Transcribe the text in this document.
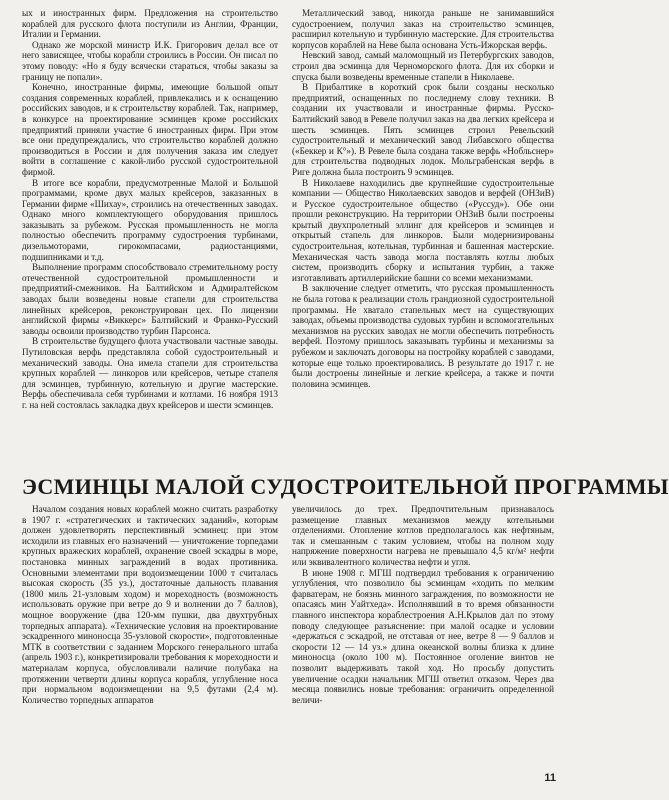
ых и иностранных фирм. Предложения на строительство кораблей для русского флота поступили из Англии, Франции, Италии и Германии.

Однако же морской министр И.К. Григорович делал все от него зависящее, чтобы корабли строились в России. Он писал по этому поводу: «Но я буду всячески стараться, чтобы заказы за границу не попали».

Конечно, иностранные фирмы, имеющие большой опыт создания современных кораблей, привлекались и к оснащению российских заводов, и к строительству кораблей. Так, например, в конкурсе на проектирование эсминцев кроме российских предприятий приняли участие 6 иностранных фирм. При этом все они предупреждались, что строительство кораблей должно производиться в России и для получения заказа им следует войти в соглашение с какой-либо русской судостроительной фирмой.

В итоге все корабли, предусмотренные Малой и Большой программами, кроме двух малых крейсеров, заказанных в Германии фирме «Шихау», строились на отечественных заводах. Однако много комплектующего оборудования пришлось заказывать за рубежом. Русская промышленность не могла полностью обеспечить программу судостроения турбинами, дизельмоторами, гирокомпасами, радиостанциями, подшипниками и т.д.

Выполнение программ способствовало стремительному росту отечественной судостроительной промышленности и предприятий-смежников. На Балтийском и Адмиралтейском заводах были возведены новые стапели для строительства линейных крейсеров, реконструирован цех. По лицензии английской фирмы «Виккерс» Балтийский и Франко-Русский заводы освоили производство турбин Парсонса.

В строительстве будущего флота участвовали частные заводы. Путиловская верфь представляла собой судостроительный и механический заводы. Она имела стапели для строительства крупных кораблей — линкоров или крейсеров, четыре стапеля для эсминцев, турбинную, котельную и другие мастерские. Верфь обеспечивала себя турбинами и котлами. 16 ноября 1913 г. на ней состоялась закладка двух крейсеров и шести эсминцев.

Металлический завод, никогда раньше не занимавшийся судостроением, получил заказ на строительство эсминцев, расширил котельную и турбинную мастерские. Для строительства корпусов кораблей на Неве была основана Усть-Ижорская верфь.

Невский завод, самый маломощный из Петербургских заводов, строил два эсминца для Черноморского флота. Для их сборки и спуска были возведены временные стапели в Николаеве.

В Прибалтике в короткий срок были созданы несколько предприятий, оснащенных по последнему слову техники. В создании их участвовали и иностранные фирмы. Русско-Балтийский завод в Ревеле получил заказ на два легких крейсера и шесть эсминцев. Пять эсминцев строил Ревельский судостроительный и механический завод Либавского общества («Беккер и К°»). В Ревеле была создана также верфь «Нобльснер» для строительства подводных лодок. Мольграбенская верфь в Риге должна была построить 9 эсминцев.

В Николаеве находились две крупнейшие судостроительные компании — Общество Николаевских заводов и верфей (ОНЗиВ) и Русское судостроительное общество («Руссуд»). Обе они прошли реконструкцию. На территории ОНЗиВ были построены крытый двухпролетный эллинг для крейсеров и эсминцев и открытый стапель для линкоров. Были модернизированы судостроительная, котельная, турбинная и башенная мастерские. Механическая часть завода могла поставлять котлы любых систем, производить сборку и испытания турбин, а также изготавливать артиллерийские башни со всеми механизмами.

В заключение следует отметить, что русская промышленность не была готова к реализации столь грандиозной судостроительной программы. Не хватало стапельных мест на существующих заводах, объемы производства судовых турбин и вспомогательных механизмов на русских заводах не могли обеспечить потребность верфей. Поэтому пришлось заказывать турбины и механизмы за рубежом и заключать договоры на постройку кораблей с заводами, которые еще только проектировались. В результате до 1917 г. не были достроены линейные и легкие крейсера, а также и почти половина эсминцев.

ЭСМИНЦЫ МАЛОЙ СУДОСТРОИТЕЛЬНОЙ ПРОГРАММЫ

Началом создания новых кораблей можно считать разработку в 1907 г. «стратегических и тактических заданий», которым должен удовлетворять перспективный эсминец: при этом исходили из главных его назначений — уничтожение торпедами крупных вражеских кораблей, охранение своей эскадры в море, постановка минных заграждений в водах противника. Основными элементами при водоизмещении 1000 т считалась высокая скорость (35 уз.), достаточные дальность плавания (1800 миль 21-узловым ходом) и мореходность (возможность использовать оружие при ветре до 9 и волнении до 7 баллов), мощное вооружение (два 120-мм пушки, два двухтрубных торпедных аппарата). «Технические условия на проектирование эскадренного миноносца 35-узловой скорости», подготовленные МТК в соответствии с заданием Морского генерального штаба (апрель 1903 г.), конкретизировали требования к мореходности и материалам корпуса, обусловливали наличие полубака на протяжении четверти длины корпуса корабля, углубление носа при нормальном водоизмещении на 9,5 футами (2,4 м). Количество торпедных аппаратов

увеличилось до трех. Предпочтительным признавалось размещение главных механизмов между котельными отделениями. Отопление котлов предполагалось как нефтяным, так и смешанным с таким условием, чтобы на полном ходу напряжение поверхности нагрева не превышало 4,5 кг/м² нефти или эквивалентного количества нефти и угля.

В июне 1908 г. МГШ подтвердил требования к ограничению углубления, что позволило бы эсминцам «ходить по мелким фарватерам, не боязнь минного заграждения, по возможности не опасаясь мин Уайтхеда». Исполнявший в то время обязанности главного инспектора кораблестроения А.Н.Крылов дал по этому поводу следующее разъяснение: при малой осадке и условии «держаться с эскадрой, не отставая от нее, ветре 8 — 9 баллов и скорости 12 — 14 уз.» длина океанской волны близка к длине миноносца (около 100 м). Постоянное оголение винтов не позволит выдерживать такой ход. Но просьбу допустить увеличение осадки начальник МГШ ответил отказом. Через два месяца появились новые требования: ограничить определенной величи-

11
